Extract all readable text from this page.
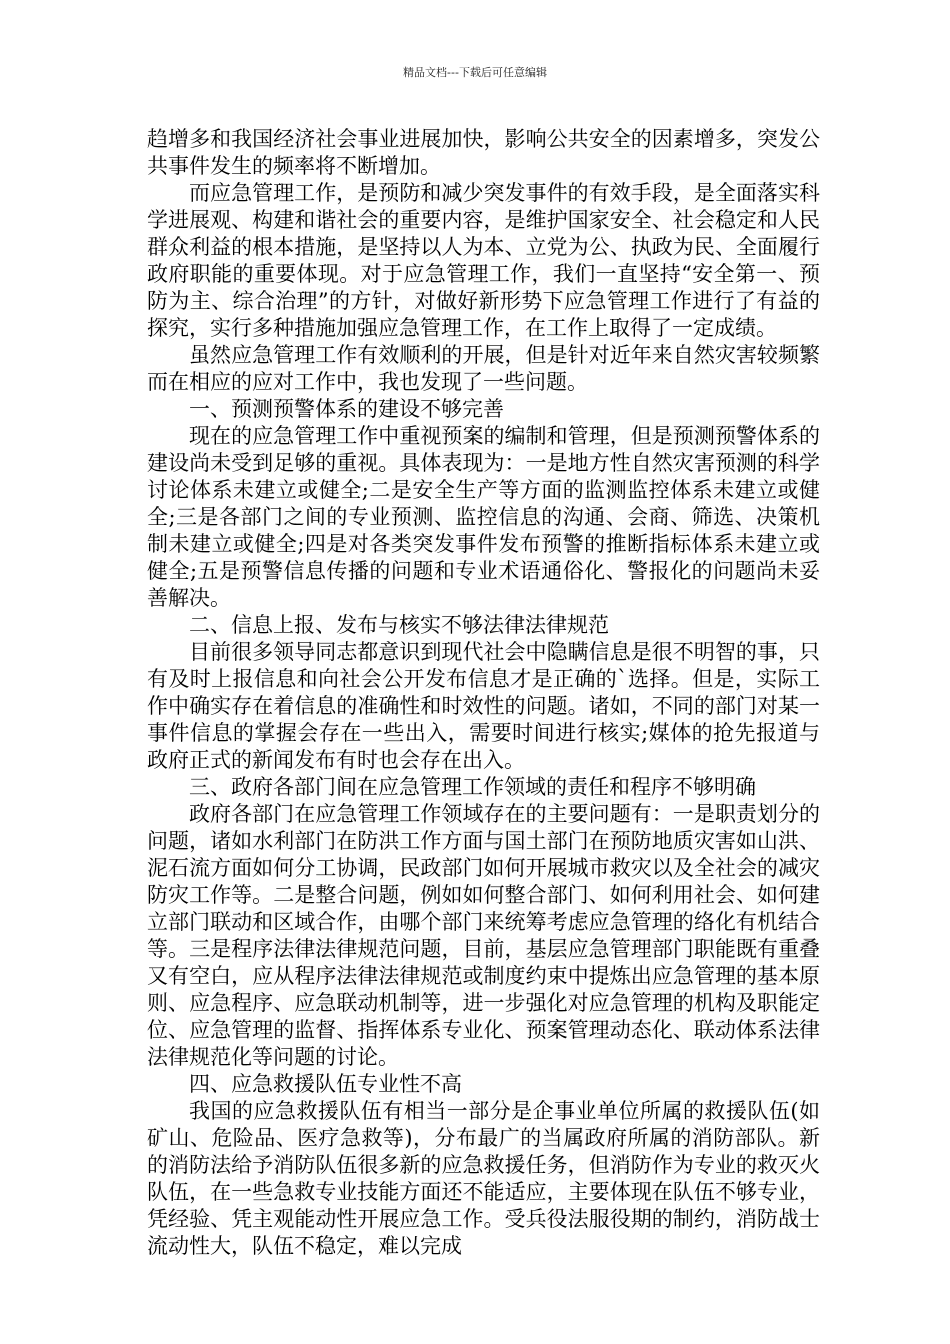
精品文档---下载后可任意编辑

趋增多和我国经济社会事业进展加快，影响公共安全的因素增多，突发公共事件发生的频率将不断增加。

而应急管理工作，是预防和减少突发事件的有效手段，是全面落实科学进展观、构建和谐社会的重要内容，是维护国家安全、社会稳定和人民群众利益的根本措施，是坚持以人为本、立党为公、执政为民、全面履行政府职能的重要体现。对于应急管理工作，我们一直坚持“安全第一、预防为主、综合治理”的方针，对做好新形势下应急管理工作进行了有益的探究，实行多种措施加强应急管理工作，在工作上取得了一定成绩。

虽然应急管理工作有效顺利的开展，但是针对近年来自然灾害较频繁而在相应的应对工作中，我也发现了一些问题。

一、预测预警体系的建设不够完善

现在的应急管理工作中重视预案的编制和管理，但是预测预警体系的建设尚未受到足够的重视。具体表现为：一是地方性自然灾害预测的科学讨论体系未建立或健全;二是安全生产等方面的监测监控体系未建立或健全;三是各部门之间的专业预测、监控信息的沟通、会商、筛选、决策机制未建立或健全;四是对各类突发事件发布预警的推断指标体系未建立或健全;五是预警信息传播的问题和专业术语通俗化、警报化的问题尚未妥善解决。

二、信息上报、发布与核实不够法律法律规范

目前很多领导同志都意识到现代社会中隐瞒信息是很不明智的事，只有及时上报信息和向社会公开发布信息才是正确的`选择。但是，实际工作中确实存在着信息的准确性和时效性的问题。诸如，不同的部门对某一事件信息的掌握会存在一些出入，需要时间进行核实;媒体的抢先报道与政府正式的新闻发布有时也会存在出入。

三、政府各部门间在应急管理工作领域的责任和程序不够明确

政府各部门在应急管理工作领域存在的主要问题有：一是职责划分的问题，诸如水利部门在防洪工作方面与国土部门在预防地质灾害如山洪、泥石流方面如何分工协调，民政部门如何开展城市救灾以及全社会的减灾防灾工作等。二是整合问题，例如如何整合部门、如何利用社会、如何建立部门联动和区域合作，由哪个部门来统筹考虑应急管理的络化有机结合等。三是程序法律法律规范问题，目前，基层应急管理部门职能既有重叠又有空白，应从程序法律法律规范或制度约束中提炼出应急管理的基本原则、应急程序、应急联动机制等，进一步强化对应急管理的机构及职能定位、应急管理的监督、指挥体系专业化、预案管理动态化、联动体系法律法律规范化等问题的讨论。

四、应急救援队伍专业性不高

我国的应急救援队伍有相当一部分是企事业单位所属的救援队伍(如矿山、危险品、医疗急救等)，分布最广的当属政府所属的消防部队。新的消防法给予消防队伍很多新的应急救援任务，但消防作为专业的救灭火队伍，在一些急救专业技能方面还不能适应，主要体现在队伍不够专业，凭经验、凭主观能动性开展应急工作。受兵役法服役期的制约，消防战士流动性大，队伍不稳定，难以完成
